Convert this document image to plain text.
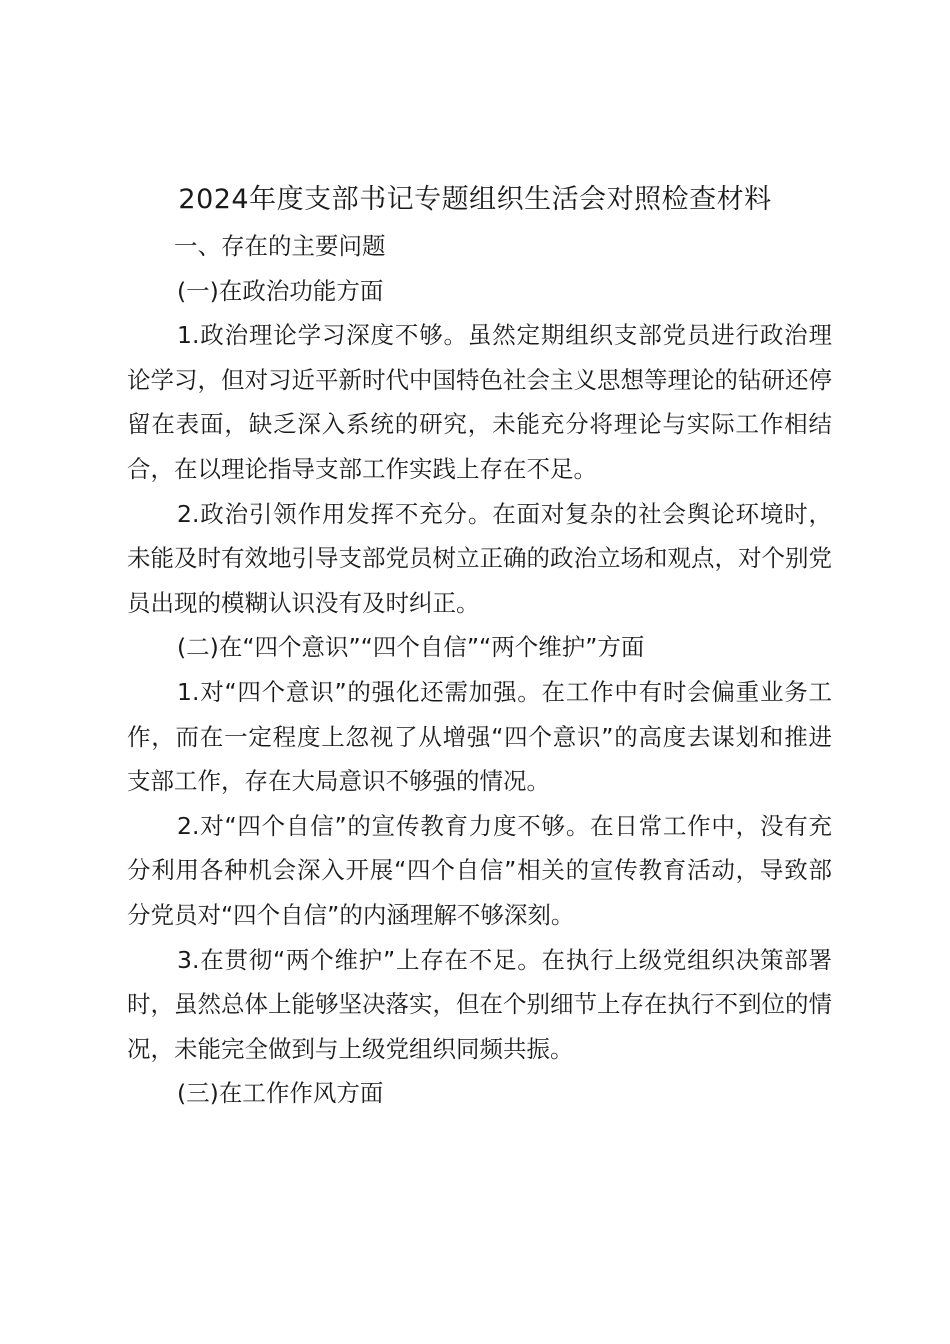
2024年度支部书记专题组织生活会对照检查材料

一、存在的主要问题

(一)在政治功能方面

1.政治理论学习深度不够。虽然定期组织支部党员进行政治理论学习，但对习近平新时代中国特色社会主义思想等理论的钻研还停留在表面，缺乏深入系统的研究，未能充分将理论与实际工作相结合，在以理论指导支部工作实践上存在不足。

2.政治引领作用发挥不充分。在面对复杂的社会舆论环境时，未能及时有效地引导支部党员树立正确的政治立场和观点，对个别党员出现的模糊认识没有及时纠正。

(二)在“四个意识”“四个自信”“两个维护”方面

1.对“四个意识”的强化还需加强。在工作中有时会偏重业务工作，而在一定程度上忽视了从增强“四个意识”的高度去谋划和推进支部工作，存在大局意识不够强的情况。

2.对“四个自信”的宣传教育力度不够。在日常工作中，没有充分利用各种机会深入开展“四个自信”相关的宣传教育活动，导致部分党员对“四个自信”的内涵理解不够深刻。

3.在贯彻“两个维护”上存在不足。在执行上级党组织决策部署时，虽然总体上能够坚决落实，但在个别细节上存在执行不到位的情况，未能完全做到与上级党组织同频共振。

(三)在工作作风方面
